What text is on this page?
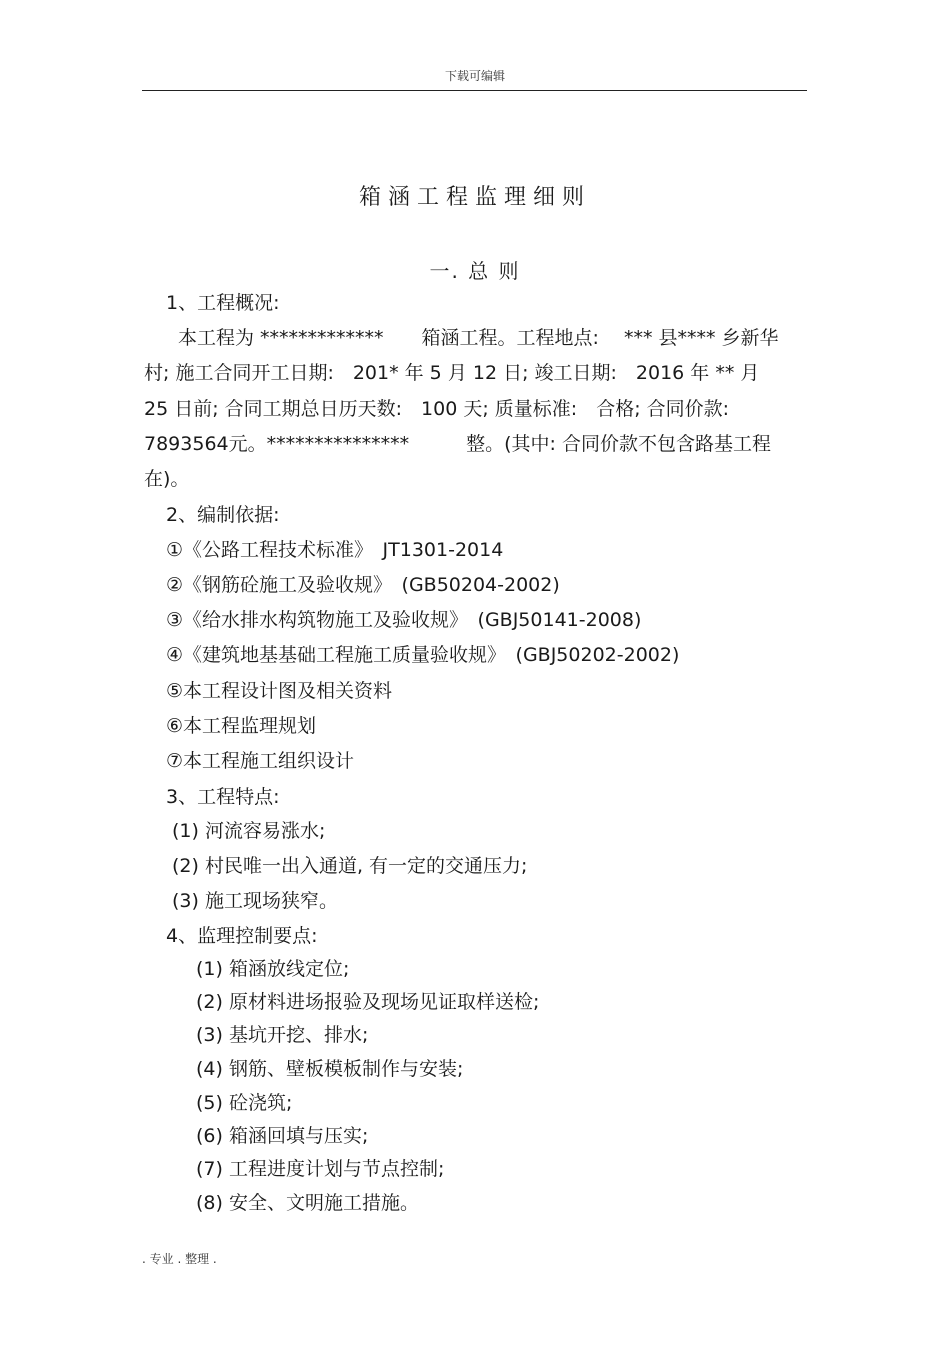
下载可编辑
箱涵工程监理细则
一. 总 则
1、工程概况:
本工程为 *************　　箱涵工程。工程地点:　 *** 县**** 乡新华
村; 施工合同开工日期:　201* 年 5 月 12 日; 竣工日期:　2016 年 ** 月
25 日前; 合同工期总日历天数:　100 天; 质量标准:　合格; 合同价款:
7893564元。***************　　　整。(其中: 合同价款不包含路基工程
在)。
2、编制依据:
①《公路工程技术标准》　JT1301-2014
②《钢筋砼施工及验收规》　(GB50204-2002)
③《给水排水构筑物施工及验收规》　(GBJ50141-2008)
④《建筑地基基础工程施工质量验收规》　(GBJ50202-2002)
⑤本工程设计图及相关资料
⑥本工程监理规划
⑦本工程施工组织设计
3、工程特点:
(1) 河流容易涨水;
(2) 村民唯一出入通道, 有一定的交通压力;
(3) 施工现场狭窄。
4、监理控制要点:
(1) 箱涵放线定位;
(2) 原材料进场报验及现场见证取样送检;
(3) 基坑开挖、排水;
(4) 钢筋、壁板模板制作与安装;
(5) 砼浇筑;
(6) 箱涵回填与压实;
(7) 工程进度计划与节点控制;
(8) 安全、文明施工措施。
. 专业 . 整理 .
